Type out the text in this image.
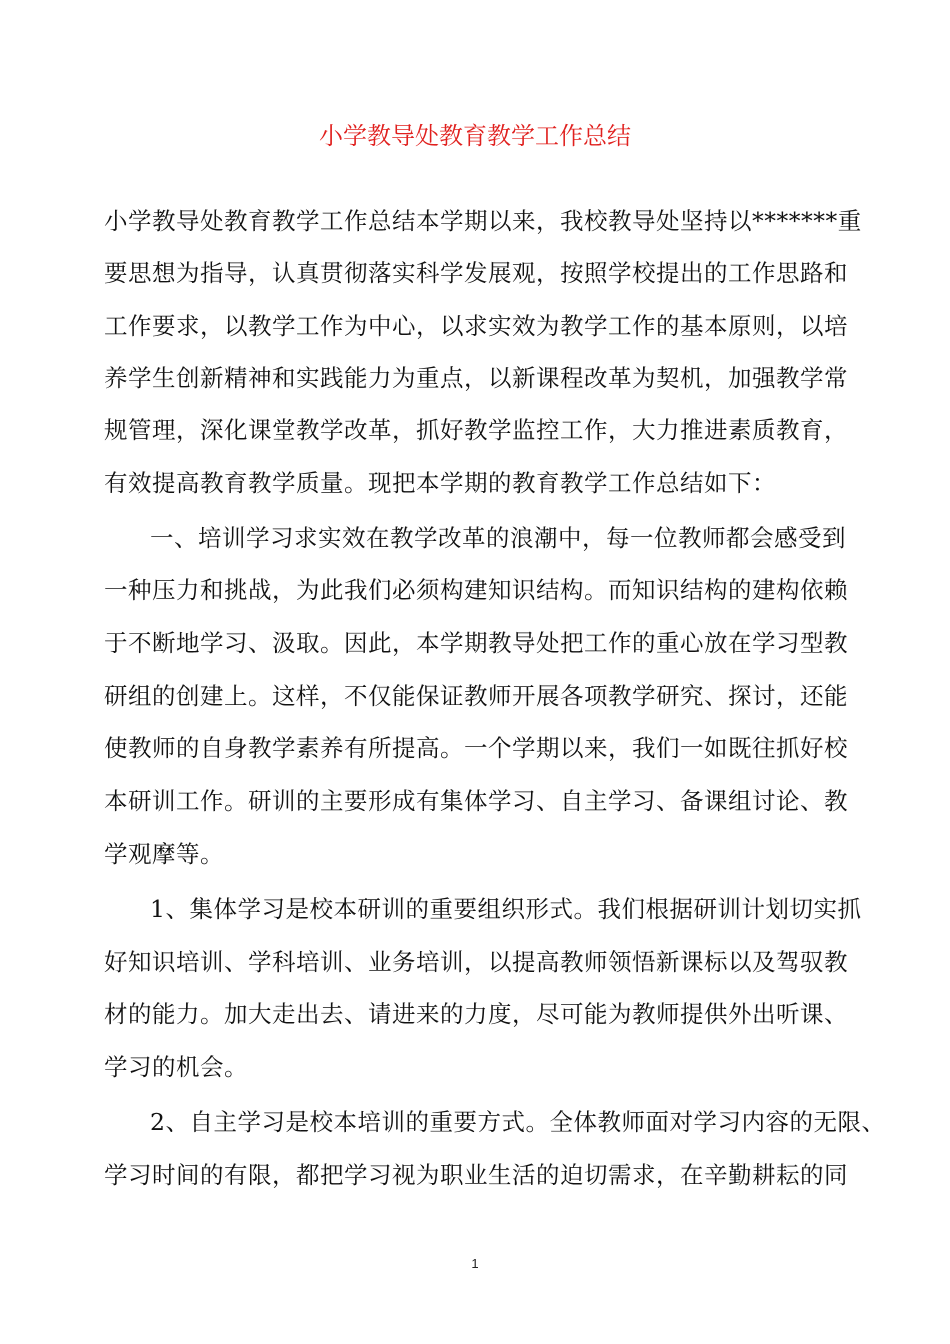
小学教导处教育教学工作总结
小学教导处教育教学工作总结本学期以来，我校教导处坚持以*******重
要思想为指导，认真贯彻落实科学发展观，按照学校提出的工作思路和
工作要求，以教学工作为中心，以求实效为教学工作的基本原则，以培
养学生创新精神和实践能力为重点，以新课程改革为契机，加强教学常
规管理，深化课堂教学改革，抓好教学监控工作，大力推进素质教育，
有效提高教育教学质量。现把本学期的教育教学工作总结如下：
一、培训学习求实效在教学改革的浪潮中，每一位教师都会感受到
一种压力和挑战，为此我们必须构建知识结构。而知识结构的建构依赖
于不断地学习、汲取。因此，本学期教导处把工作的重心放在学习型教
研组的创建上。这样，不仅能保证教师开展各项教学研究、探讨，还能
使教师的自身教学素养有所提高。一个学期以来，我们一如既往抓好校
本研训工作。研训的主要形成有集体学习、自主学习、备课组讨论、教
学观摩等。
1、集体学习是校本研训的重要组织形式。我们根据研训计划切实抓
好知识培训、学科培训、业务培训，以提高教师领悟新课标以及驾驭教
材的能力。加大走出去、请进来的力度，尽可能为教师提供外出听课、
学习的机会。
2、自主学习是校本培训的重要方式。全体教师面对学习内容的无限、
学习时间的有限，都把学习视为职业生活的迫切需求，在辛勤耕耘的同
1
